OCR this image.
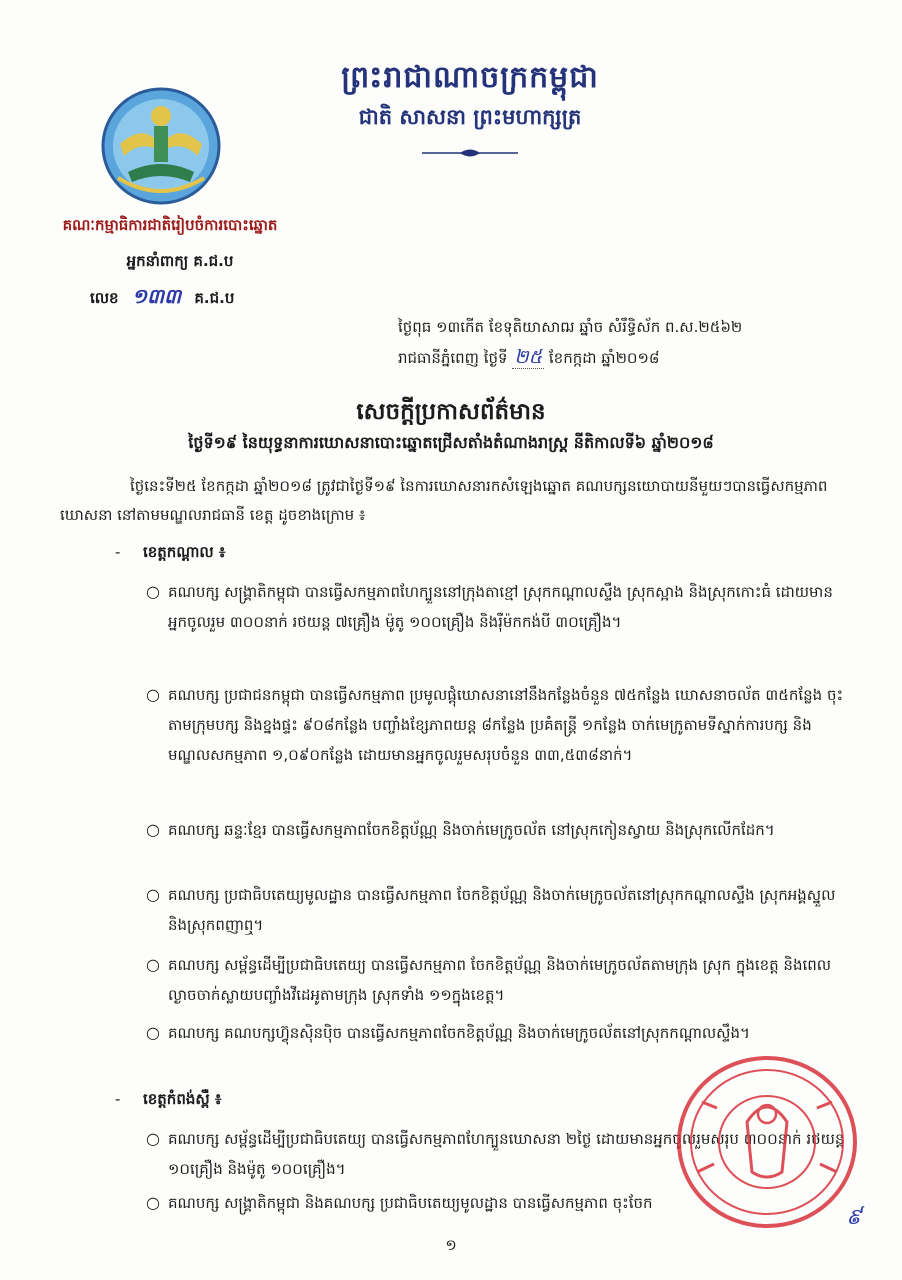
ព្រះរាជាណាចក្រកម្ពុជា
ជាតិ សាសនា ព្រះមហាក្សត្រ
គណៈកម្មាធិការជាតិរៀបចំការបោះឆ្នោត
អ្នកនាំពាក្យ គ.ជ.ប
លេខ ១៣៣ គ.ជ.ប
ថ្ងៃពុធ ១៣កើត ខែទុតិយាសាឍ ឆ្នាំច សំរឹទ្ធិស័ក ព.ស.២៥៦២
រាជធានីភ្នំពេញ ថ្ងៃទី ២៥ ខែកក្កដា ឆ្នាំ២០១៨
សេចក្តីប្រកាសព័ត៌មាន
ថ្ងៃទី១៩ នៃយុទ្ធនាការឃោសនាបោះឆ្នោតជ្រើសតាំងតំណាងរាស្ត្រ នីតិកាលទី៦ ឆ្នាំ២០១៨
ថ្ងៃនេះទី២៥ ខែកក្កដា ឆ្នាំ២០១៨ ត្រូវជាថ្ងៃទី១៩ នៃការឃោសនារកសំឡេងឆ្នោត គណបក្សនយោបាយនីមួយៗបានធ្វើសកម្មភាពឃោសនា នៅតាមមណ្ឌលរាជធានី ខេត្ត ដូចខាងក្រោម ៖
- ខេត្តកណ្តាល ៖
○ គណបក្ស សង្គ្រាតិកម្ពុជា បានធ្វើសកម្មភាពហែក្បួននៅក្រុងតាខ្មៅ ស្រុកកណ្តាលស្ទឹង ស្រុកស្អាង និងស្រុកកោះធំ ដោយមានអ្នកចូលរួម ៣០០នាក់ រថយន្ត ៧គ្រឿង ម៉ូតូ ១០០គ្រឿង និងរ៉ឺម៉កកង់បី ៣០គ្រឿង។
○ គណបក្ស ប្រជាជនកម្ពុជា បានធ្វើសកម្មភាព ប្រមូលផ្តុំឃោសនានៅនឹងកន្លែងចំនួន ៧៥កន្លែង ឃោសនាចល័ត ៣៥កន្លែង ចុះតាមក្រុមបក្ស និងខ្នងផ្ទះ ៩០៨កន្លែង បញ្ចាំងខ្សែភាពយន្ត ៨កន្លែង ប្រគំតន្ត្រី ១កន្លែង ចាក់មេក្រូតាមទីស្នាក់ការបក្ស និងមណ្ឌលសកម្មភាព ១,០៩០កន្លែង ដោយមានអ្នកចូលរួមសរុបចំនួន ៣៣,៥៣៨នាក់។
○ គណបក្ស ឆន្ទៈខ្មែរ បានធ្វើសកម្មភាពចែកខិត្តប័ណ្ណ និងចាក់មេក្រូចល័ត នៅស្រុកកៀនស្វាយ និងស្រុកលើកដែក។
○ គណបក្ស ប្រជាធិបតេយ្យមូលដ្ឋាន បានធ្វើសកម្មភាព ចែកខិត្តប័ណ្ណ និងចាក់មេក្រូចល័តនៅស្រុកកណ្តាលស្ទឹង ស្រុកអង្គស្នួល និងស្រុកពញាឮ។
○ គណបក្ស សម្ព័ន្ធដើម្បីប្រជាធិបតេយ្យ បានធ្វើសកម្មភាព ចែកខិត្តប័ណ្ណ និងចាក់មេក្រូចល័តតាមក្រុង ស្រុក ក្នុងខេត្ត និងពេលល្ងាចចាក់ស្លាយបញ្ចាំងវីដេអូតាមក្រុង ស្រុកទាំង ១១ក្នុងខេត្ត។
○ គណបក្ស គណបក្សហ៊្វុនស៊ិនប៉ិច បានធ្វើសកម្មភាពចែកខិត្តប័ណ្ណ និងចាក់មេក្រូចល័តនៅស្រុកកណ្តាលស្ទឹង។
- ខេត្តកំពង់ស្ពឺ ៖
○ គណបក្ស សម្ព័ន្ធដើម្បីប្រជាធិបតេយ្យ បានធ្វើសកម្មភាពហែក្បួនឃោសនា ២ថ្ងៃ ដោយមានអ្នកចូលរួមសរុប ៣០០នាក់ រថយន្ត ១០គ្រឿង និងម៉ូតូ ១០០គ្រឿង។
○ គណបក្ស សង្គ្រាតិកម្ពុជា និងគណបក្ស ប្រជាធិបតេយ្យមូលដ្ឋាន បានធ្វើសកម្មភាព ចុះចែក
៩
១
